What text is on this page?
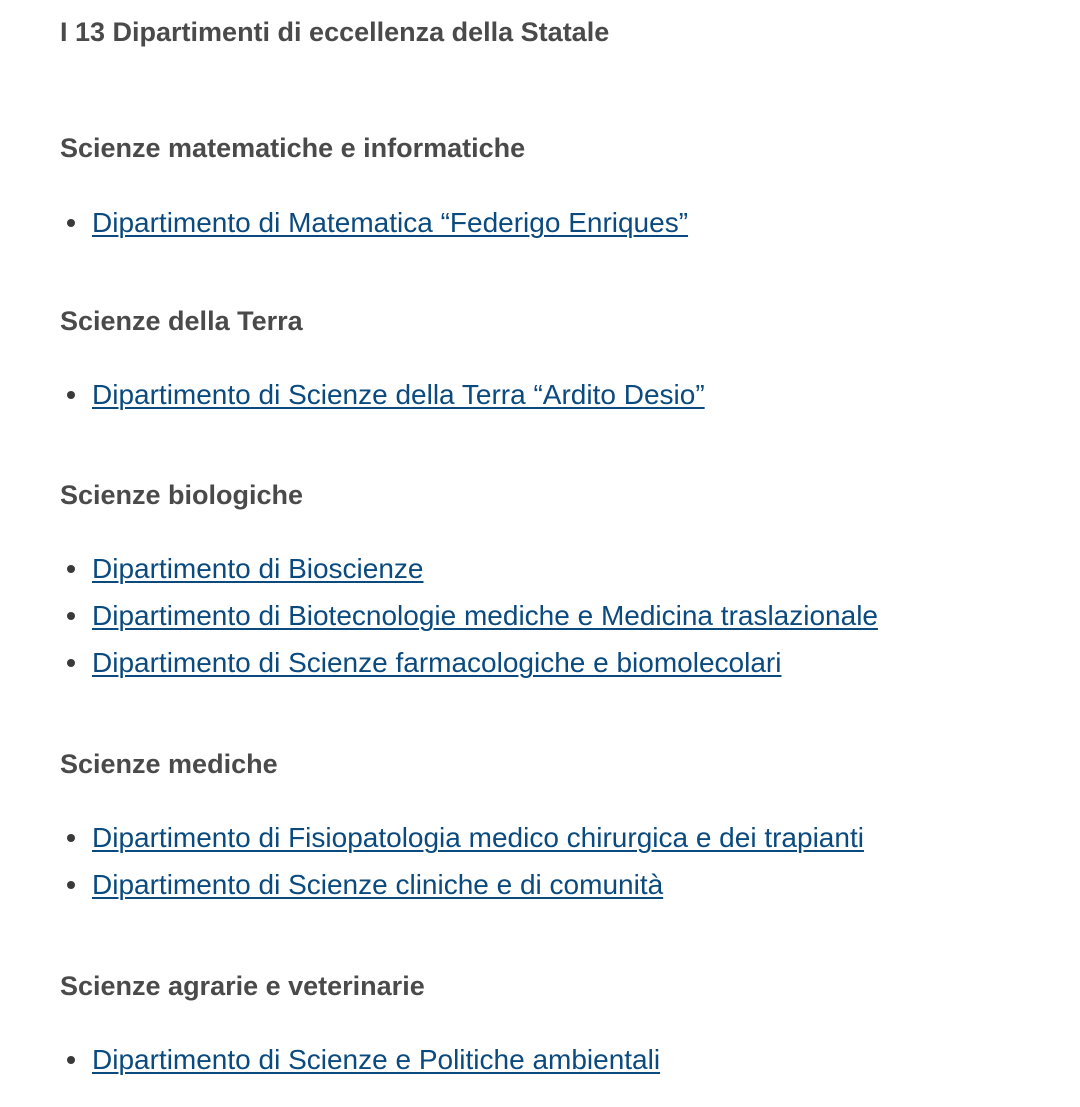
I 13 Dipartimenti di eccellenza della Statale
Scienze matematiche e informatiche
Dipartimento di Matematica “Federigo Enriques”
Scienze della Terra
Dipartimento di Scienze della Terra “Ardito Desio”
Scienze biologiche
Dipartimento di Bioscienze
Dipartimento di Biotecnologie mediche e Medicina traslazionale
Dipartimento di Scienze farmacologiche e biomolecolari
Scienze mediche
Dipartimento di Fisiopatologia medico chirurgica e dei trapianti
Dipartimento di Scienze cliniche e di comunità
Scienze agrarie e veterinarie
Dipartimento di Scienze e Politiche ambientali
